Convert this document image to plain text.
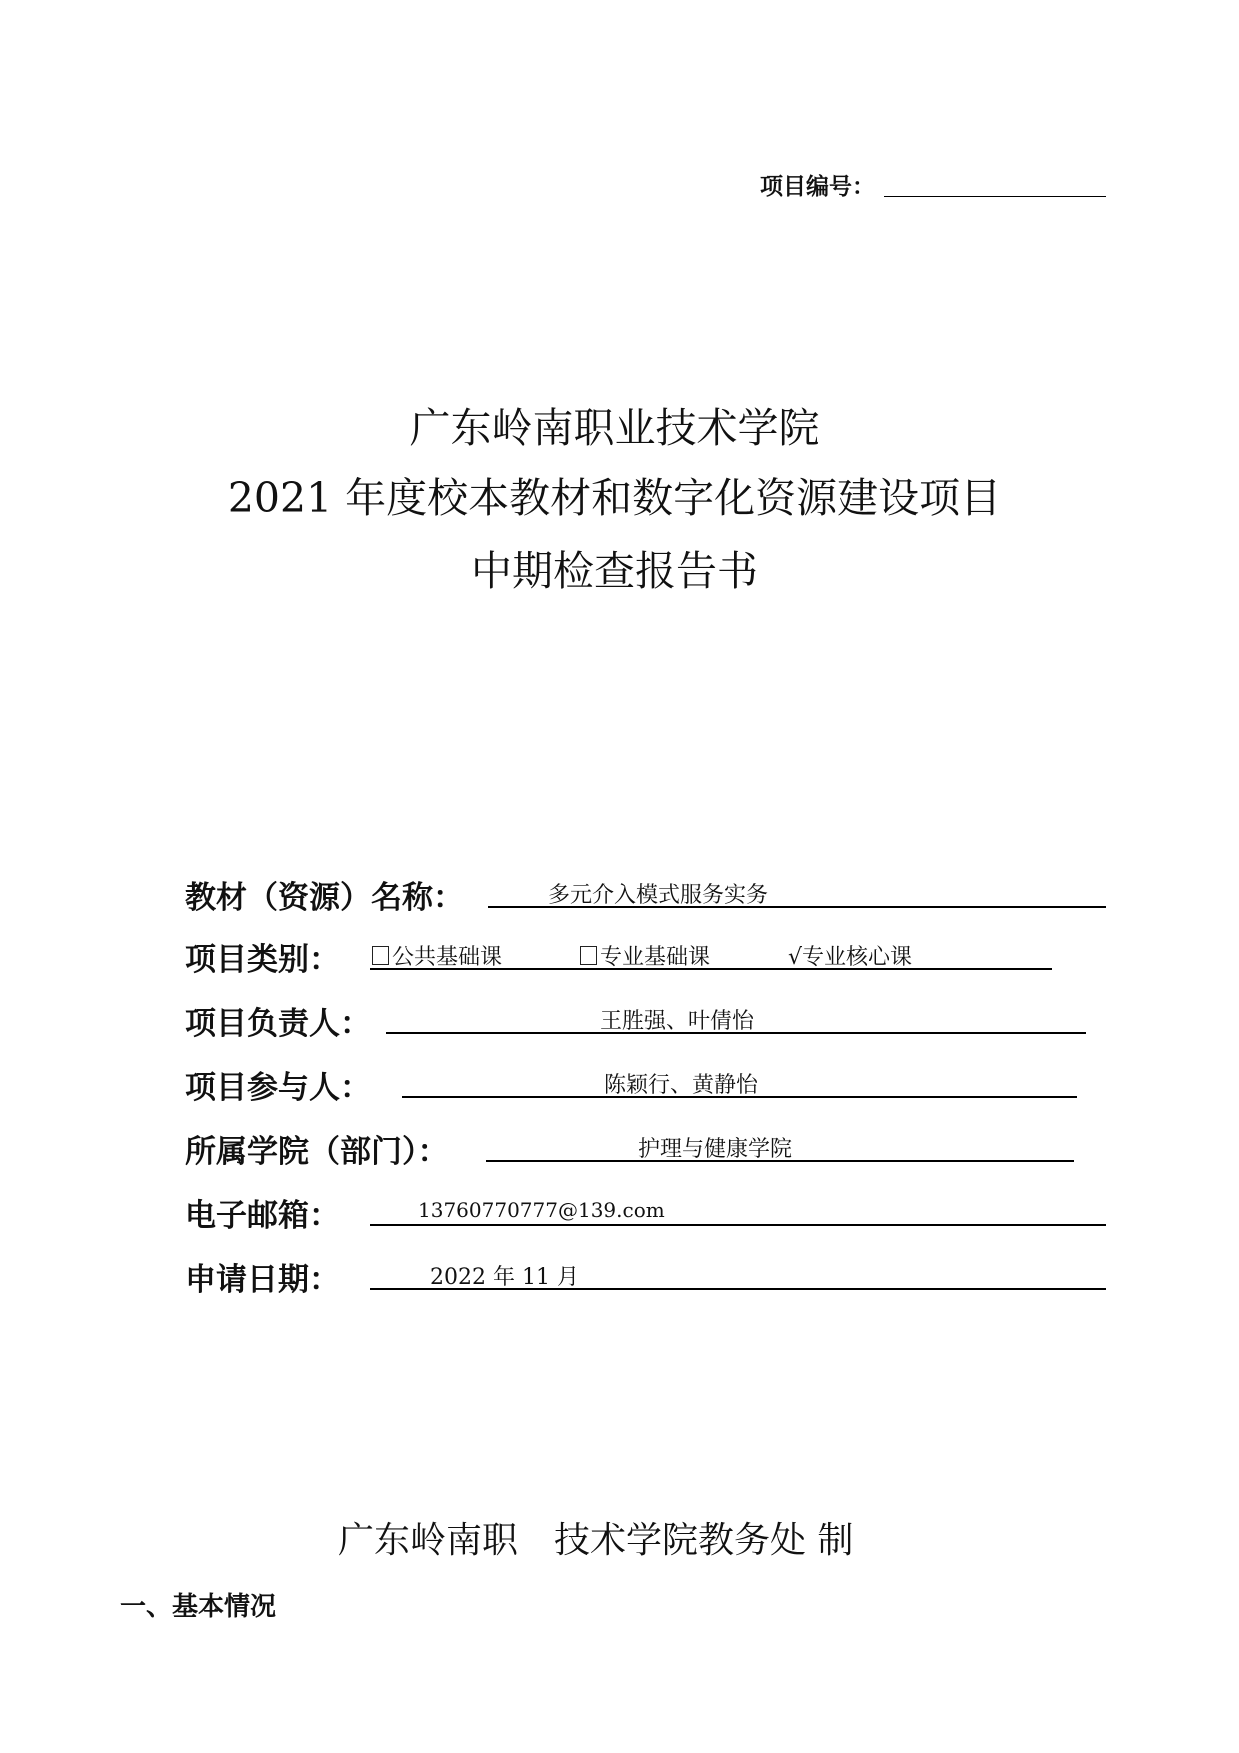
项目编号：
广东岭南职业技术学院
2021 年度校本教材和数字化资源建设项目
中期检查报告书
教材（资源）名称：	多元介入模式服务实务
项目类别：	公共基础课	专业基础课	√专业核心课
项目负责人：	王胜强、叶倩怡
项目参与人：	陈颖行、黄静怡
所属学院（部门）：	护理与健康学院
电子邮箱：	13760770777@139.com
申请日期：	2022 年 11 月
广东岭南职　技术学院教务处 制
一、基本情况
